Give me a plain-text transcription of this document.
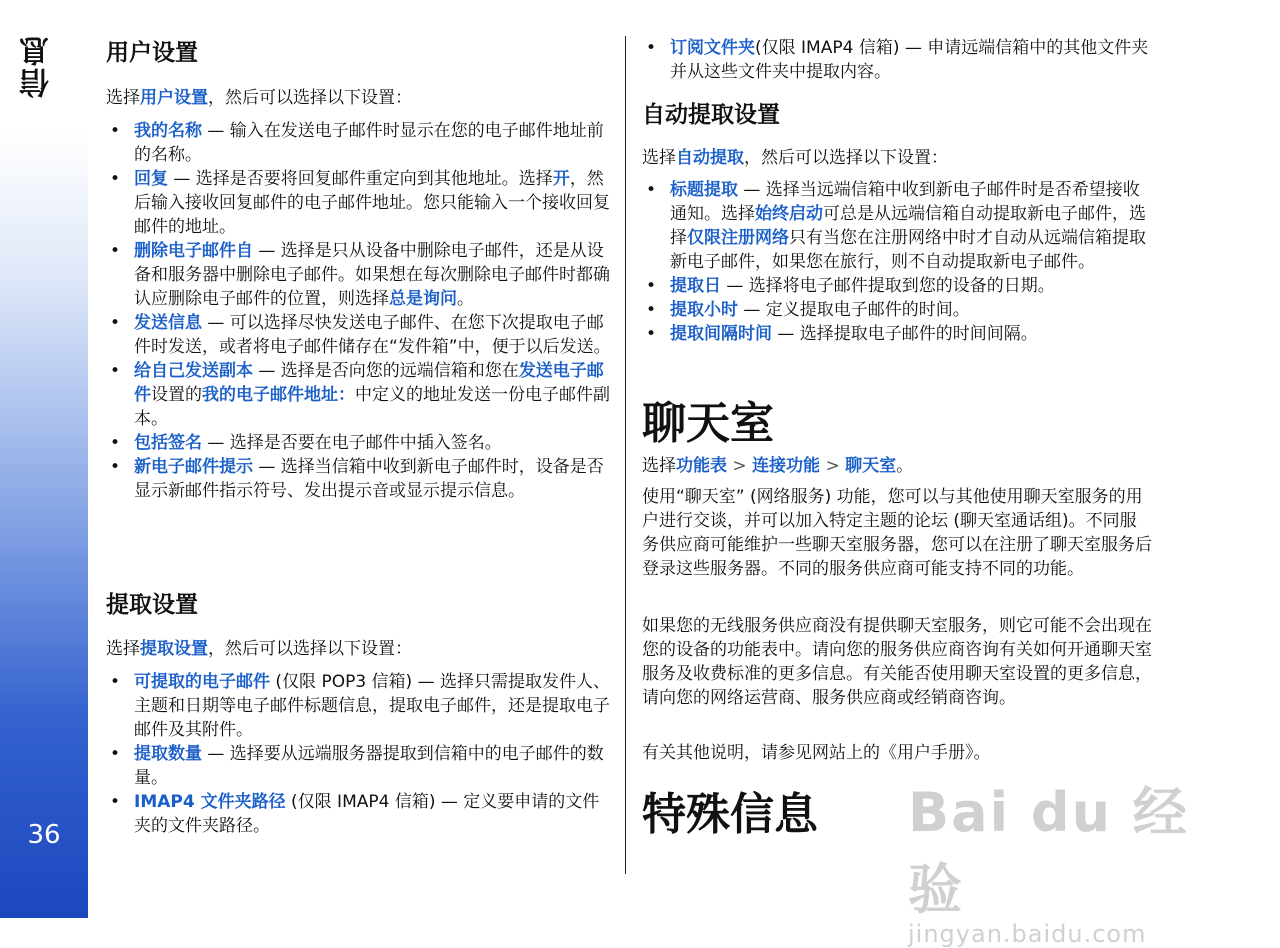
信息
36
用户设置

选择用户设置，然后可以选择以下设置：

• 我的名称 — 输入在发送电子邮件时显示在您的电子邮件地址前的名称。
• 回复 — 选择是否要将回复邮件重定向到其他地址。选择开，然后输入接收回复邮件的电子邮件地址。您只能输入一个接收回复邮件的地址。
• 删除电子邮件自 — 选择是只从设备中删除电子邮件，还是从设备和服务器中删除电子邮件。如果想在每次删除电子邮件时都确认应删除电子邮件的位置，则选择总是询问。
• 发送信息 — 可以选择尽快发送电子邮件、在您下次提取电子邮件时发送，或者将电子邮件储存在“发件箱”中，便于以后发送。
• 给自己发送副本 — 选择是否向您的远端信箱和您在发送电子邮件设置的我的电子邮件地址：中定义的地址发送一份电子邮件副本。
• 包括签名 — 选择是否要在电子邮件中插入签名。
• 新电子邮件提示 — 选择当信箱中收到新电子邮件时，设备是否显示新邮件指示符号、发出提示音或显示提示信息。
提取设置

选择提取设置，然后可以选择以下设置：

• 可提取的电子邮件 (仅限 POP3 信箱) — 选择只需提取发件人、主题和日期等电子邮件标题信息，提取电子邮件，还是提取电子邮件及其附件。
• 提取数量 — 选择要从远端服务器提取到信箱中的电子邮件的数量。
• IMAP4 文件夹路径 (仅限 IMAP4 信箱) — 定义要申请的文件夹的文件夹路径。
• 订阅文件夹(仅限 IMAP4 信箱) — 申请远端信箱中的其他文件夹并从这些文件夹中提取内容。
自动提取设置

选择自动提取，然后可以选择以下设置：

• 标题提取 — 选择当远端信箱中收到新电子邮件时是否希望接收通知。选择始终启动可总是从远端信箱自动提取新电子邮件，选择仅限注册网络只有当您在注册网络中时才自动从远端信箱提取新电子邮件，如果您在旅行，则不自动提取新电子邮件。
• 提取日 — 选择将电子邮件提取到您的设备的日期。
• 提取小时 — 定义提取电子邮件的时间。
• 提取间隔时间 — 选择提取电子邮件的时间间隔。
聊天室

选择功能表 > 连接功能 > 聊天室。

使用“聊天室” (网络服务) 功能，您可以与其他使用聊天室服务的用户进行交谈，并可以加入特定主题的论坛 (聊天室通话组)。不同服务供应商可能维护一些聊天室服务器，您可以在注册了聊天室服务后登录这些服务器。不同的服务供应商可能支持不同的功能。

如果您的无线服务供应商没有提供聊天室服务，则它可能不会出现在您的设备的功能表中。请向您的服务供应商咨询有关如何开通聊天室服务及收费标准的更多信息。有关能否使用聊天室设置的更多信息，请向您的网络运营商、服务供应商或经销商咨询。

有关其他说明，请参见网站上的《用户手册》。

特殊信息 Bai du 经验
jingyan.baidu.com
